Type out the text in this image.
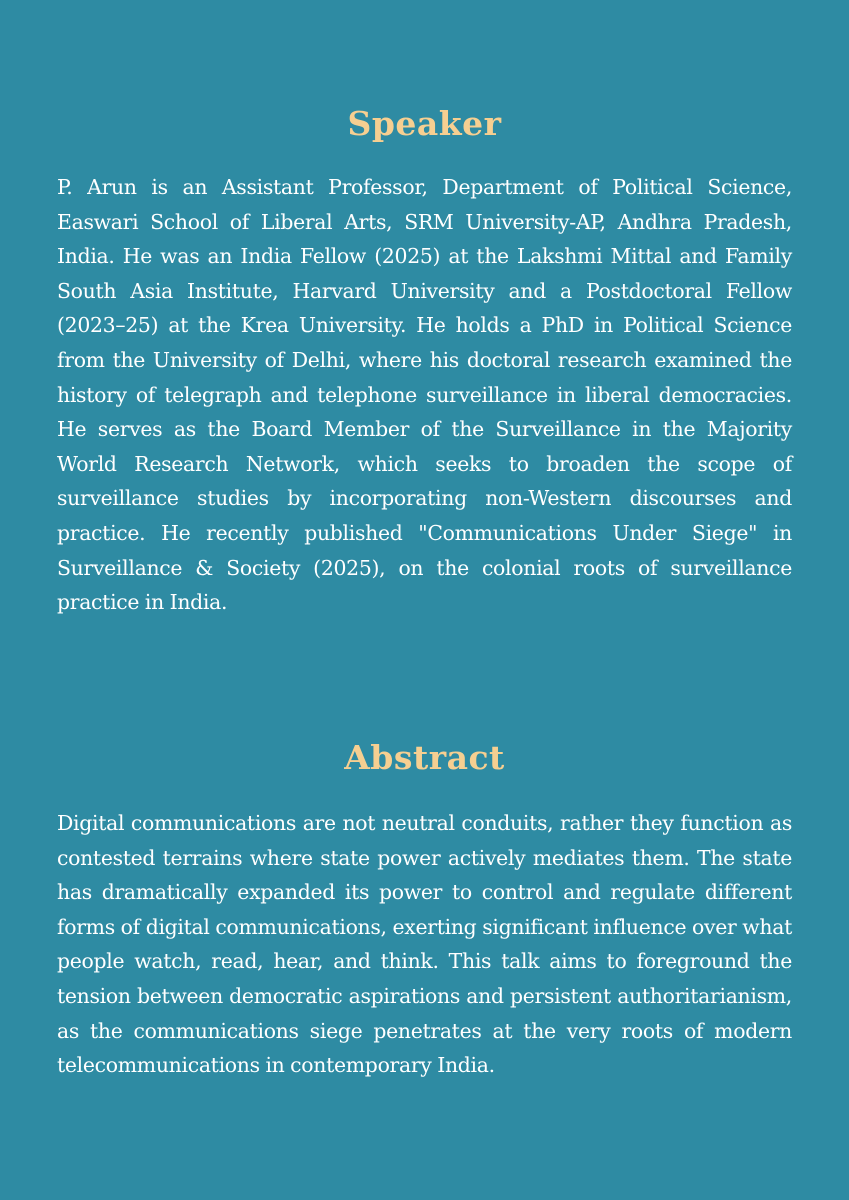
Speaker

P. Arun is an Assistant Professor, Department of Political Science, Easwari School of Liberal Arts, SRM University-AP, Andhra Pradesh, India. He was an India Fellow (2025) at the Lakshmi Mittal and Family South Asia Institute, Harvard University and a Postdoctoral Fellow (2023–25) at the Krea University. He holds a PhD in Political Science from the University of Delhi, where his doctoral research examined the history of telegraph and telephone surveillance in liberal democracies. He serves as the Board Member of the Surveillance in the Majority World Research Network, which seeks to broaden the scope of surveillance studies by incorporating non-Western discourses and practice. He recently published "Communications Under Siege" in Surveillance & Society (2025), on the colonial roots of surveillance practice in India.

Abstract

Digital communications are not neutral conduits, rather they function as contested terrains where state power actively mediates them. The state has dramatically expanded its power to control and regulate different forms of digital communications, exerting significant influence over what people watch, read, hear, and think. This talk aims to foreground the tension between democratic aspirations and persistent authoritarianism, as the communications siege penetrates at the very roots of modern telecommunications in contemporary India.
